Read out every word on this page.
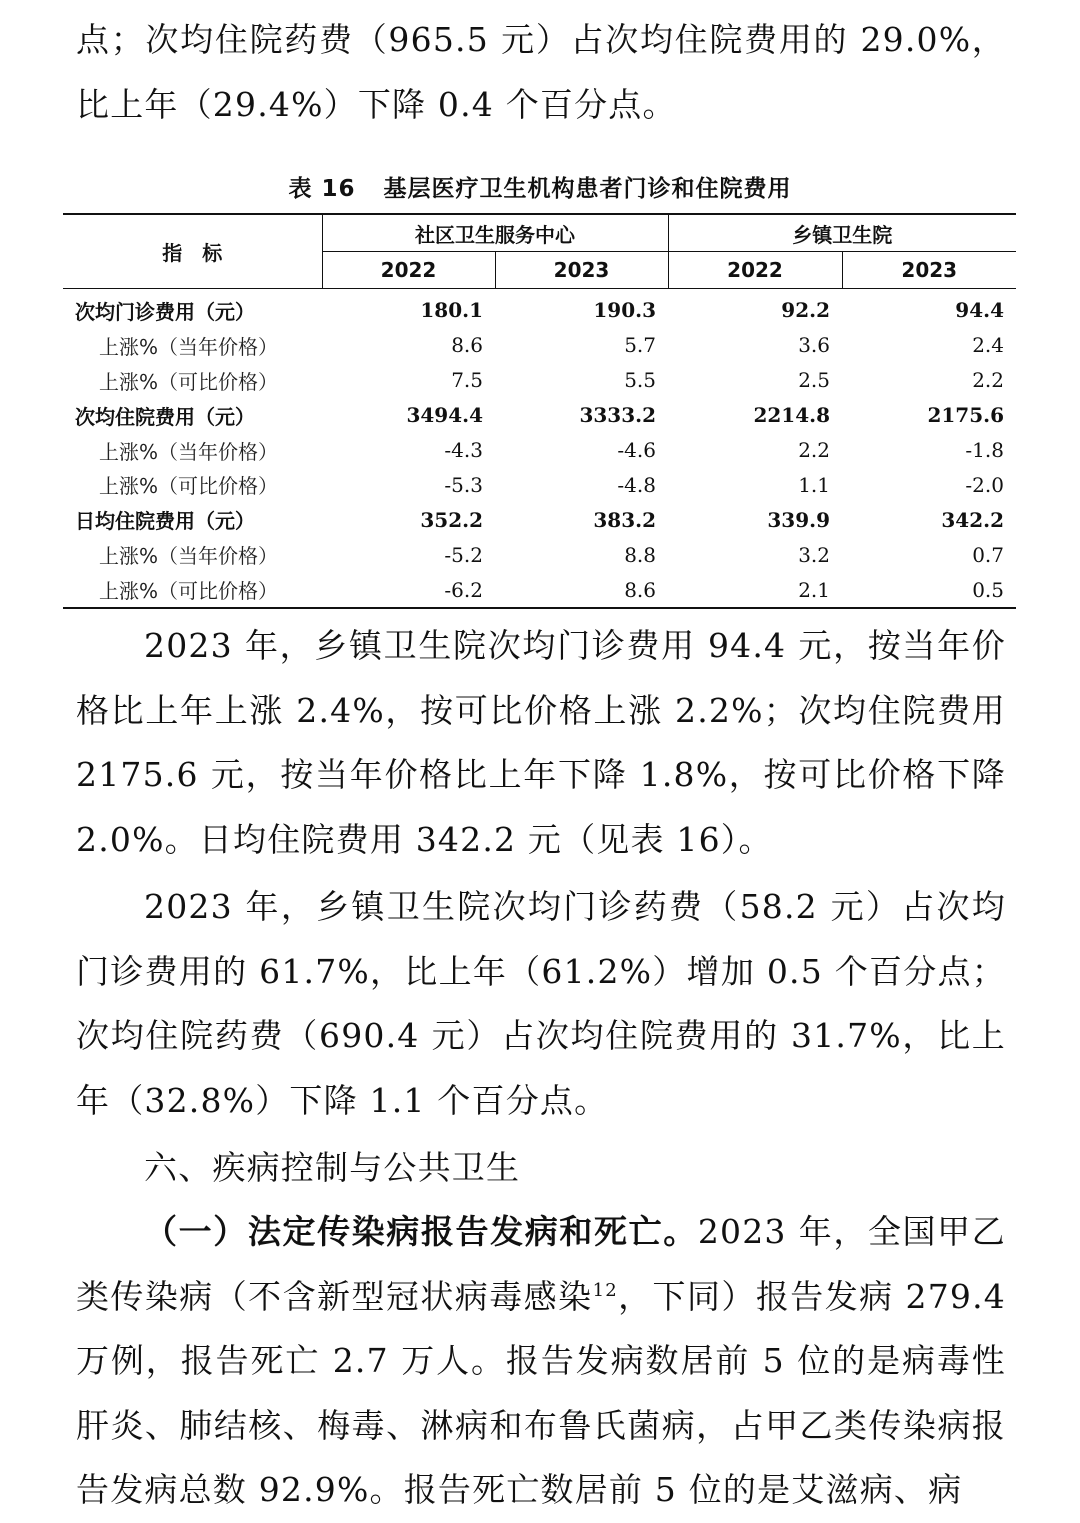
点；次均住院药费（965.5 元）占次均住院费用的 29.0%，比上年（29.4%）下降 0.4 个百分点。

表 16 基层医疗卫生机构患者门诊和住院费用
指　标	社区卫生服务中心		乡镇卫生院	
	2022	2023	2022	2023
次均门诊费用（元）	180.1	190.3	92.2	94.4
上涨%（当年价格）	8.6	5.7	3.6	2.4
上涨%（可比价格）	7.5	5.5	2.5	2.2
次均住院费用（元）	3494.4	3333.2	2214.8	2175.6
上涨%（当年价格）	-4.3	-4.6	2.2	-1.8
上涨%（可比价格）	-5.3	-4.8	1.1	-2.0
日均住院费用（元）	352.2	383.2	339.9	342.2
上涨%（当年价格）	-5.2	8.8	3.2	0.7
上涨%（可比价格）	-6.2	8.6	2.1	0.5

2023 年，乡镇卫生院次均门诊费用 94.4 元，按当年价格比上年上涨 2.4%，按可比价格上涨 2.2%；次均住院费用 2175.6 元，按当年价格比上年下降 1.8%，按可比价格下降 2.0%。日均住院费用 342.2 元（见表 16）。

2023 年，乡镇卫生院次均门诊药费（58.2 元）占次均门诊费用的 61.7%，比上年（61.2%）增加 0.5 个百分点；次均住院药费（690.4 元）占次均住院费用的 31.7%，比上年（32.8%）下降 1.1 个百分点。

六、疾病控制与公共卫生

（一）法定传染病报告发病和死亡。2023 年，全国甲乙类传染病（不含新型冠状病毒感染$^{12}$，下同）报告发病 279.4 万例，报告死亡 2.7 万人。报告发病数居前 5 位的是病毒性肝炎、肺结核、梅毒、淋病和布鲁氏菌病，占甲乙类传染病报告发病总数 92.9%。报告死亡数居前 5 位的是艾滋病、病
